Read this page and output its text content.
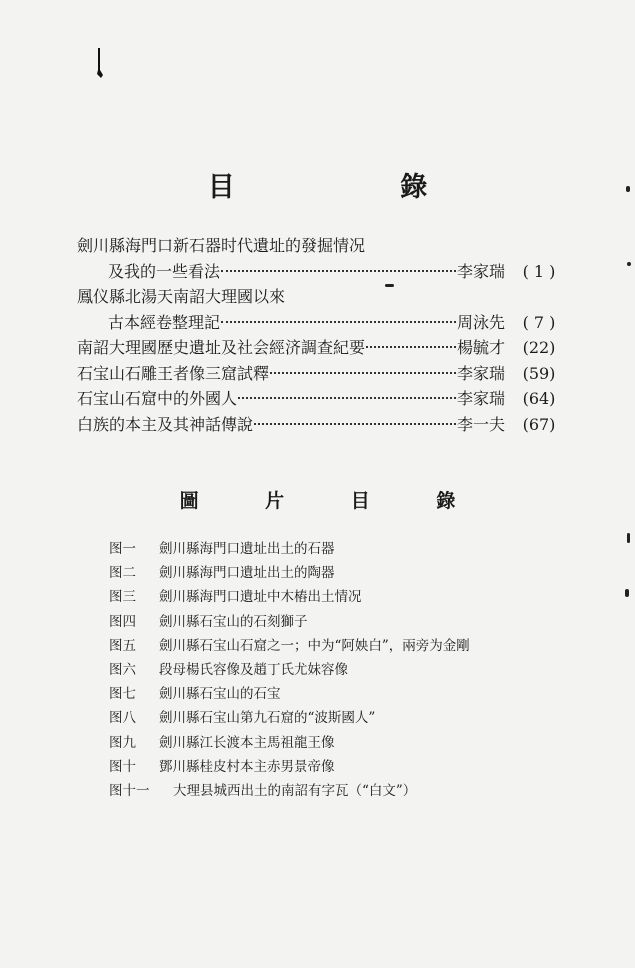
目 錄
劍川縣海門口新石器时代遺址的發掘情况
及我的一些看法	李家瑞	( 1 )
鳳仪縣北湯天南詔大理國以來
古本經卷整理記	周泳先	( 7 )
南詔大理國歷史遺址及社会經济調查紀要	楊毓才	(22)
石宝山石雕王者像三窟試釋	李家瑞	(59)
石宝山石窟中的外國人	李家瑞	(64)
白族的本主及其神話傳說	李一夫	(67)
圖 片 目 錄
图一	劍川縣海門口遺址出土的石器
图二	劍川縣海門口遺址出土的陶器
图三	劍川縣海門口遺址中木樁出土情况
图四	劍川縣石宝山的石刻獅子
图五	劍川縣石宝山石窟之一；中为“阿姎白”，兩旁为金剛
图六	段母楊氏容像及趙丁氏尤妹容像
图七	劍川縣石宝山的石宝
图八	劍川縣石宝山第九石窟的“波斯國人”
图九	劍川縣江长渡本主馬祖龍王像
图十	鄧川縣桂皮村本主赤男景帝像
图十一	大理县城西出土的南詔有字瓦（“白文”）
